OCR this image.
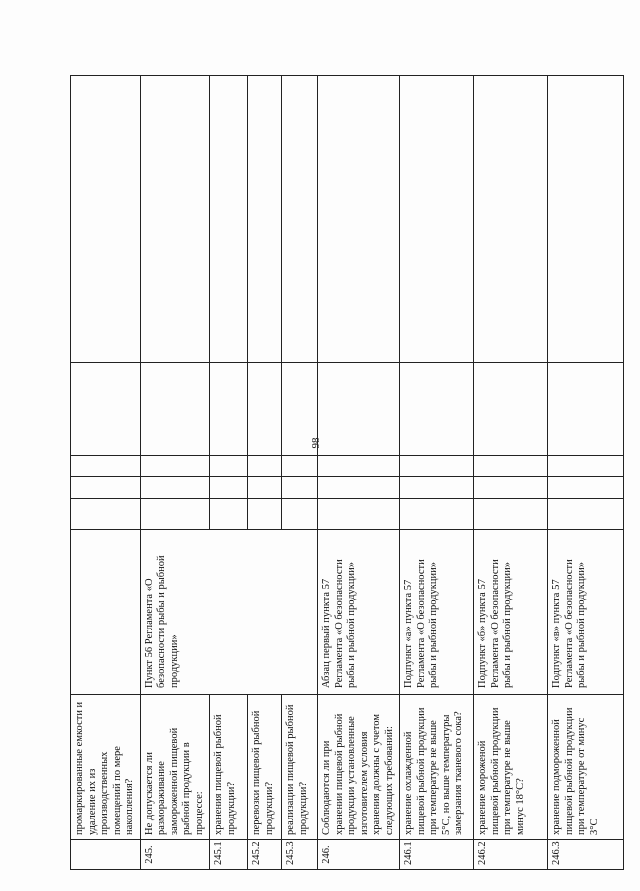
98
	промаркированные емкости и удаление их из производственных помещений по мере накопления?						
245.	Не допускается ли размораживание замороженной пищевой рыбной продукции в процессе:	Пункт 56 Регламента «О безопасности рыбы и рыбной продукции»					
245.1	хранения пищевой рыбной продукции?						
245.2	перевозки пищевой рыбной продукции?						
245.3	реализации пищевой рыбной продукции?						
246.	Соблюдаются ли при хранении пищевой рыбной продукции установленные изготовителем условия хранения должны с учетом следующих требований:	Абзац первый пункта 57 Регламента «О безопасности рыбы и рыбной продукции»					
246.1	хранение охлажденной пищевой рыбной продукции при температуре не выше 5°С, но выше температуры замерзания тканевого сока?	Подпункт «а» пункта 57 Регламента «О безопасности рыбы и рыбной продукции»					
246.2	хранение мороженой пищевой рыбной продукции при температуре не выше минус 18°С?	Подпункт «б» пункта 57 Регламента «О безопасности рыбы и рыбной продукции»					
246.3	хранение подмороженной пищевой рыбной продукции при температуре от минус 3°С	Подпункт «в» пункта 57 Регламента «О безопасности рыбы и рыбной продукции»					
